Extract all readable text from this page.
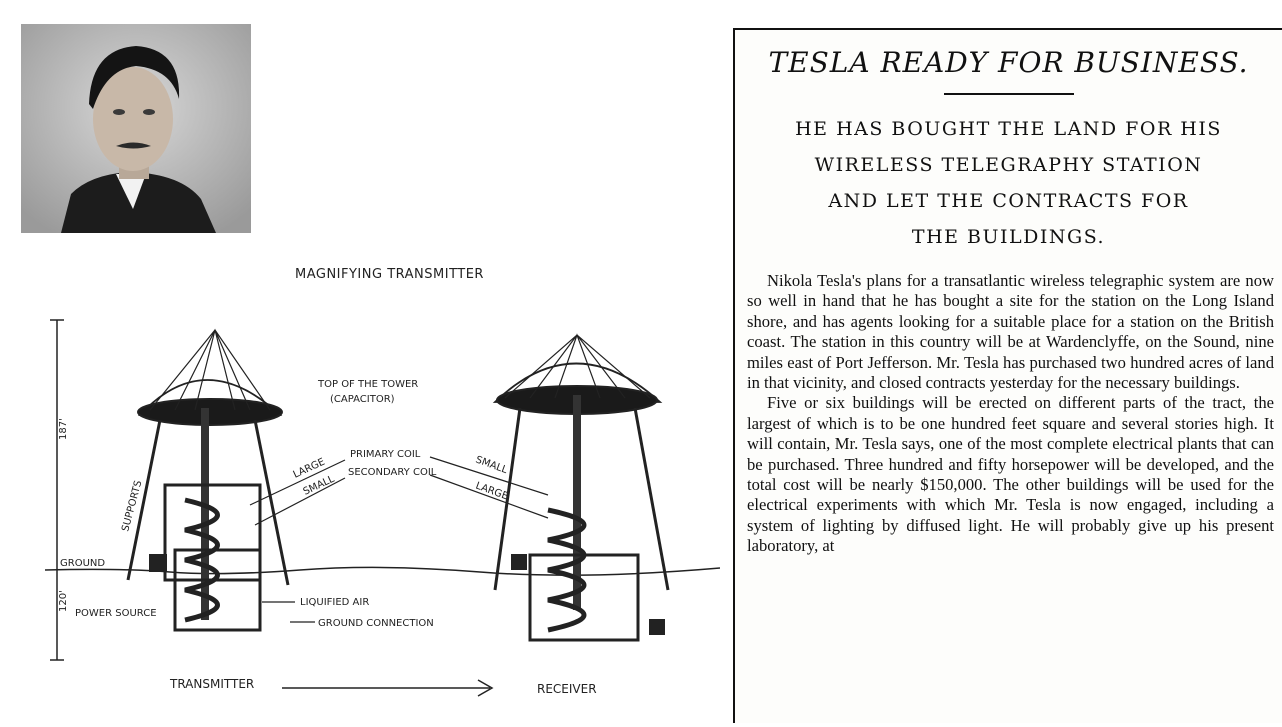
MAGNIFYING TRANSMITTER
187'
120'
GROUND
TOP OF THE TOWER
(CAPACITOR)
PRIMARY COIL
SECONDARY COIL
LARGE
SMALL
SUPPORTS
POWER SOURCE
LIQUIFIED AIR
GROUND CONNECTION
SMALL
LARGE
TRANSMITTER	RECEIVER
TESLA READY FOR BUSINESS.
HE HAS BOUGHT THE LAND FOR HIS
WIRELESS TELEGRAPHY STATION
AND LET THE CONTRACTS FOR
THE BUILDINGS.

Nikola Tesla's plans for a transatlantic wireless telegraphic system are now so well in hand that he has bought a site for the station on the Long Island shore, and has agents looking for a suitable place for a station on the British coast. The station in this country will be at Wardenclyffe, on the Sound, nine miles east of Port Jefferson. Mr. Tesla has purchased two hundred acres of land in that vicinity, and closed contracts yesterday for the necessary buildings.

Five or six buildings will be erected on different parts of the tract, the largest of which is to be one hundred feet square and several stories high. It will contain, Mr. Tesla says, one of the most complete electrical plants that can be purchased. Three hundred and fifty horsepower will be developed, and the total cost will be nearly $150,000. The other buildings will be used for the electrical experiments with which Mr. Tesla is now engaged, including a system of lighting by diffused light. He will probably give up his present laboratory, at
